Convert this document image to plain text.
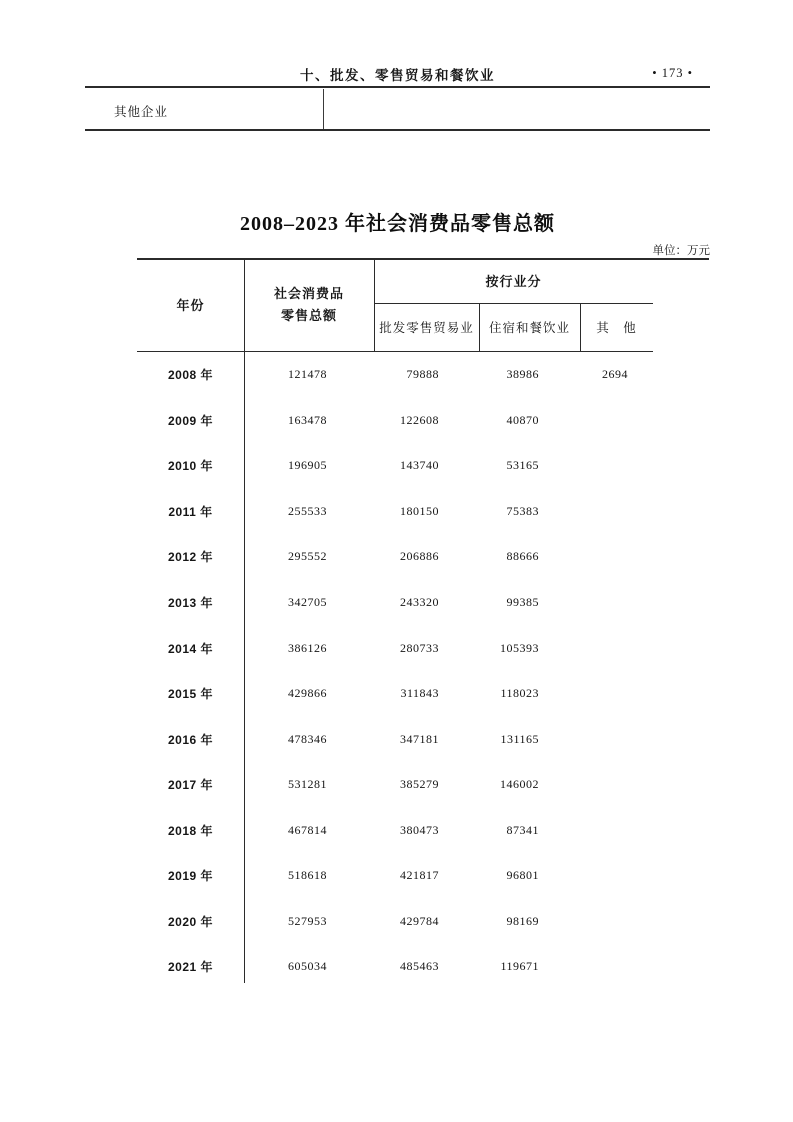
十、批发、零售贸易和餐饮业	• 173 •
其他企业
2008–2023 年社会消费品零售总额
单位：万元
年份
社会消费品
零售总额
按行业分
批发零售贸易业	住宿和餐饮业	其　他
2008 年	121478	79888	38986	2694
2009 年	163478	122608	40870
2010 年	196905	143740	53165
2011 年	255533	180150	75383
2012 年	295552	206886	88666
2013 年	342705	243320	99385
2014 年	386126	280733	105393
2015 年	429866	311843	118023
2016 年	478346	347181	131165
2017 年	531281	385279	146002
2018 年	467814	380473	87341
2019 年	518618	421817	96801
2020 年	527953	429784	98169
2021 年	605034	485463	119671
